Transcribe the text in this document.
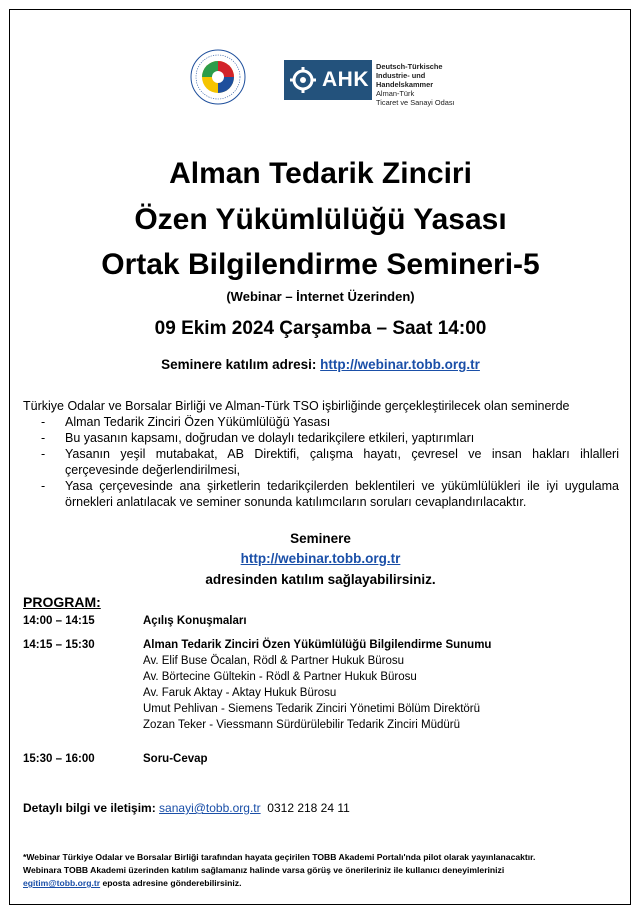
AHK
Deutsch-Türkische
Industrie- und Handelskammer
Alman-Türk
Ticaret ve Sanayi Odası
Alman Tedarik Zinciri
Özen Yükümlülüğü Yasası
Ortak Bilgilendirme Semineri-5
(Webinar – İnternet Üzerinden)
09 Ekim 2024 Çarşamba – Saat 14:00
Seminere katılım adresi: http://webinar.tobb.org.tr
Türkiye Odalar ve Borsalar Birliği ve Alman-Türk TSO işbirliğinde gerçekleştirilecek olan seminerde
- Alman Tedarik Zinciri Özen Yükümlülüğü Yasası
- Bu yasanın kapsamı, doğrudan ve dolaylı tedarikçilere etkileri, yaptırımları
- Yasanın yeşil mutabakat, AB Direktifi, çalışma hayatı, çevresel ve insan hakları ihlalleri çerçevesinde değerlendirilmesi,
- Yasa çerçevesinde ana şirketlerin tedarikçilerden beklentileri ve yükümlülükleri ile iyi uygulama örnekleri anlatılacak ve seminer sonunda katılımcıların soruları cevaplandırılacaktır.
Seminere
http://webinar.tobb.org.tr
adresinden katılım sağlayabilirsiniz.
PROGRAM:
14:00 – 14:15	Açılış Konuşmaları
14:15 – 15:30	Alman Tedarik Zinciri Özen Yükümlülüğü Bilgilendirme Sunumu
Av. Elif Buse Öcalan, Rödl & Partner Hukuk Bürosu
Av. Börtecine Gültekin - Rödl & Partner Hukuk Bürosu
Av. Faruk Aktay - Aktay Hukuk Bürosu
Umut Pehlivan - Siemens Tedarik Zinciri Yönetimi Bölüm Direktörü
Zozan Teker - Viessmann Sürdürülebilir Tedarik Zinciri Müdürü
15:30 – 16:00	Soru-Cevap
Detaylı bilgi ve iletişim: sanayi@tobb.org.tr 0312 218 24 11
*Webinar Türkiye Odalar ve Borsalar Birliği tarafından hayata geçirilen TOBB Akademi Portalı'nda pilot olarak yayınlanacaktır.
Webinara TOBB Akademi üzerinden katılım sağlamanız halinde varsa görüş ve önerileriniz ile kullanıcı deneyimlerinizi
egitim@tobb.org.tr eposta adresine gönderebilirsiniz.
